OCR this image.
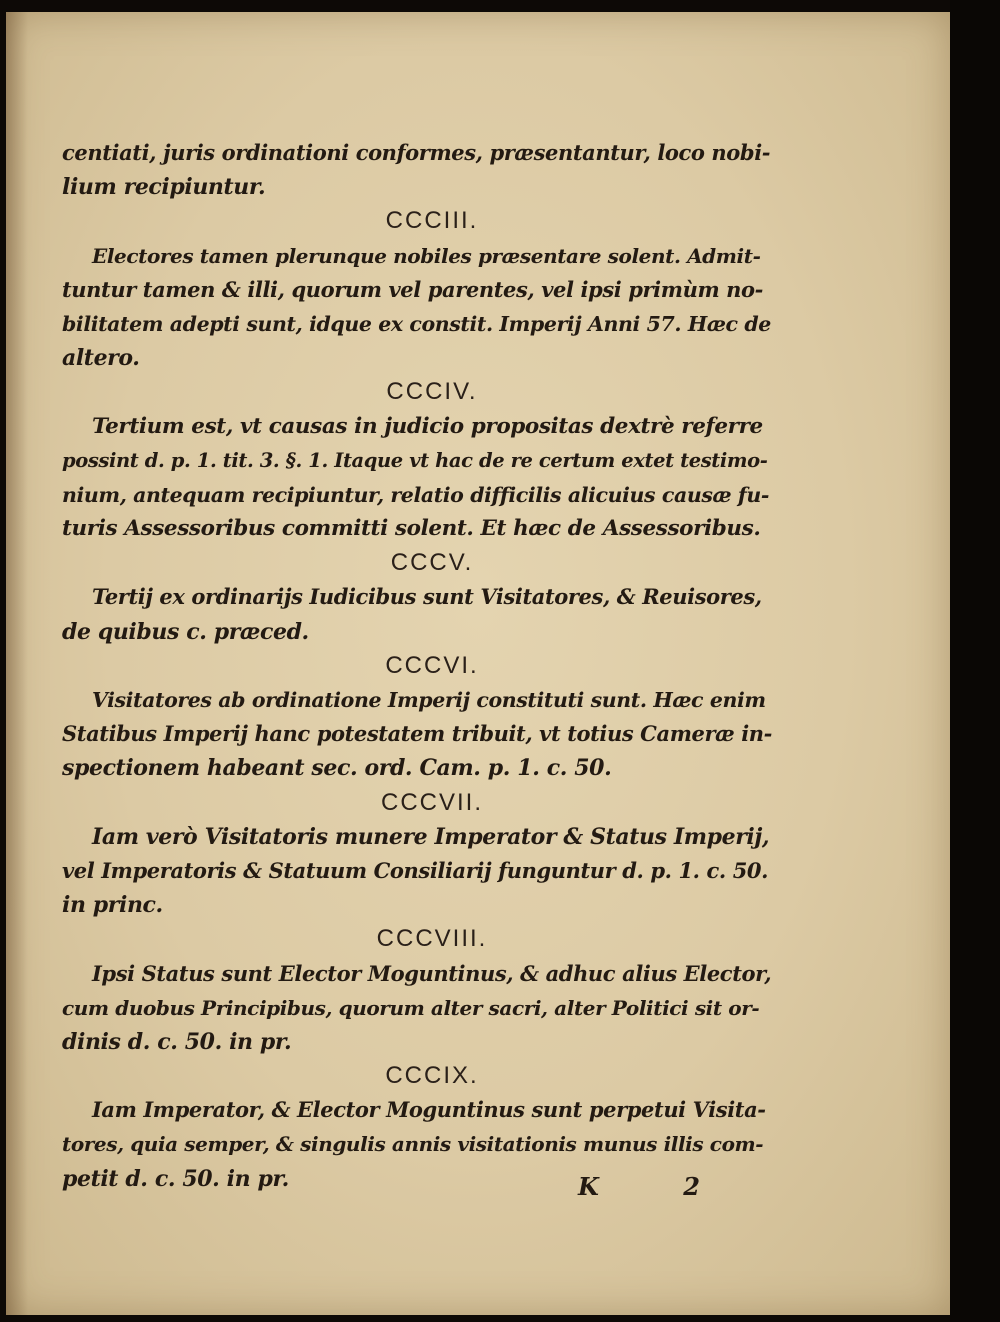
centiati, juris ordinationi conformes, præsentantur, loco nobi-
lium recipiuntur.
CCCIII.
Electores tamen plerunque nobiles præsentare solent. Admit-
tuntur tamen & illi, quorum vel parentes, vel ipsi primùm no-
bilitatem adepti sunt, idque ex constit. Imperij Anni 57. Hæc de
altero.
CCCIV.
Tertium est, vt causas in judicio propositas dextrè referre
possint d. p. 1. tit. 3. §. 1. Itaque vt hac de re certum extet testimo-
nium, antequam recipiuntur, relatio difficilis alicuius causæ fu-
turis Assessoribus committi solent. Et hæc de Assessoribus.
CCCV.
Tertij ex ordinarijs Iudicibus sunt Visitatores, & Reuisores,
de quibus c. præced.
CCCVI.
Visitatores ab ordinatione Imperij constituti sunt. Hæc enim
Statibus Imperij hanc potestatem tribuit, vt totius Cameræ in-
spectionem habeant sec. ord. Cam. p. 1. c. 50.
CCCVII.
Iam verò Visitatoris munere Imperator & Status Imperij,
vel Imperatoris & Statuum Consiliarij funguntur d. p. 1. c. 50.
in princ.
CCCVIII.
Ipsi Status sunt Elector Moguntinus, & adhuc alius Elector,
cum duobus Principibus, quorum alter sacri, alter Politici sit or-
dinis d. c. 50. in pr.
CCCIX.
Iam Imperator, & Elector Moguntinus sunt perpetui Visita-
tores, quia semper, & singulis annis visitationis munus illis com-
petit d. c. 50. in pr.	K 2
